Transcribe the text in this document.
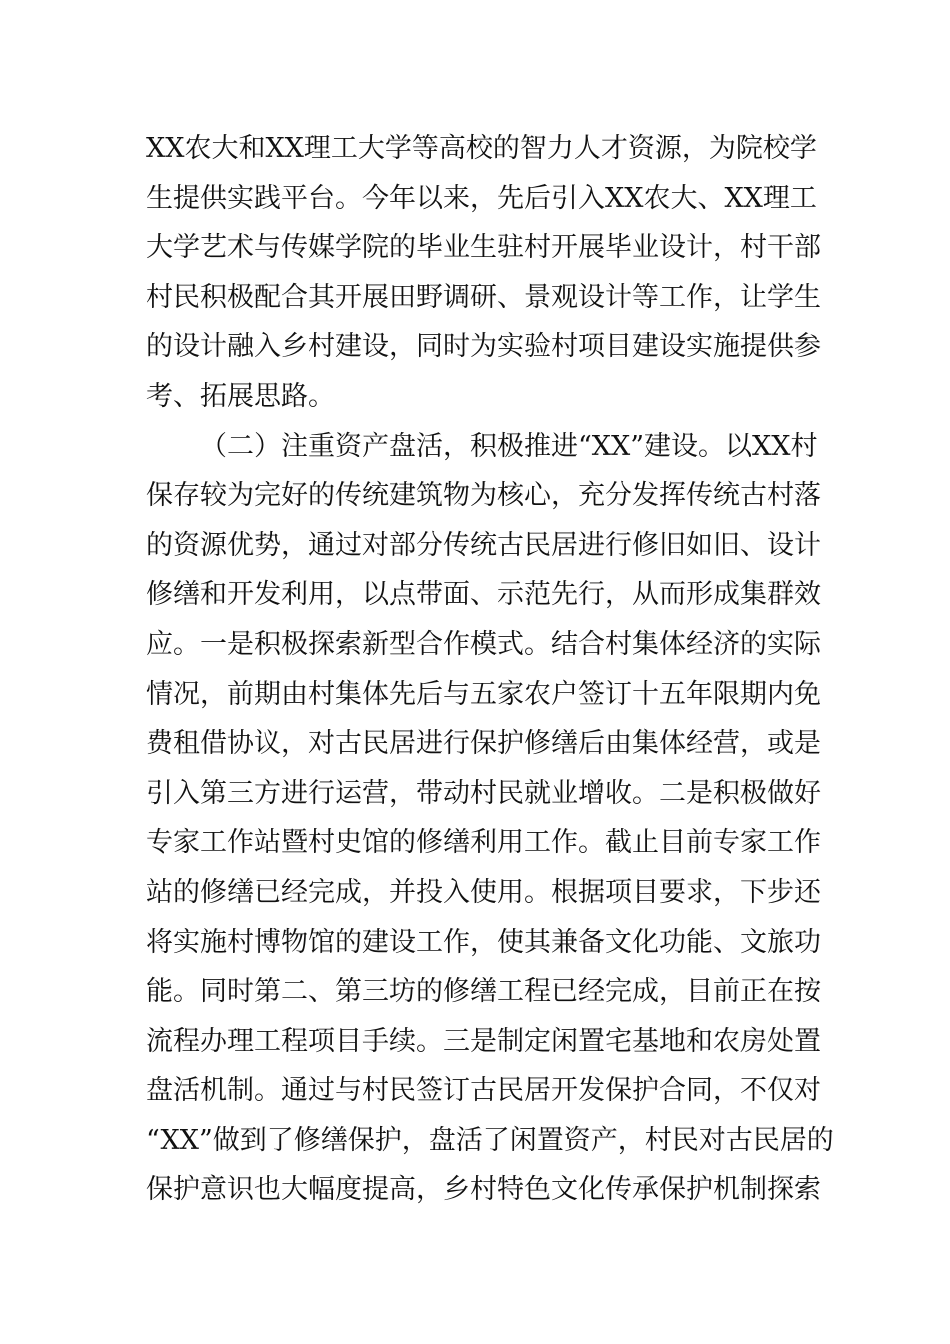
XX农大和XX理工大学等高校的智力人才资源，为院校学
生提供实践平台。今年以来，先后引入XX农大、XX理工
大学艺术与传媒学院的毕业生驻村开展毕业设计，村干部
村民积极配合其开展田野调研、景观设计等工作，让学生
的设计融入乡村建设，同时为实验村项目建设实施提供参
考、拓展思路。
（二）注重资产盘活，积极推进“XX”建设。以XX村
保存较为完好的传统建筑物为核心，充分发挥传统古村落
的资源优势，通过对部分传统古民居进行修旧如旧、设计
修缮和开发利用，以点带面、示范先行，从而形成集群效
应。一是积极探索新型合作模式。结合村集体经济的实际
情况，前期由村集体先后与五家农户签订十五年限期内免
费租借协议，对古民居进行保护修缮后由集体经营，或是
引入第三方进行运营，带动村民就业增收。二是积极做好
专家工作站暨村史馆的修缮利用工作。截止目前专家工作
站的修缮已经完成，并投入使用。根据项目要求，下步还
将实施村博物馆的建设工作，使其兼备文化功能、文旅功
能。同时第二、第三坊的修缮工程已经完成，目前正在按
流程办理工程项目手续。三是制定闲置宅基地和农房处置
盘活机制。通过与村民签订古民居开发保护合同，不仅对
“XX”做到了修缮保护，盘活了闲置资产，村民对古民居的
保护意识也大幅度提高，乡村特色文化传承保护机制探索
